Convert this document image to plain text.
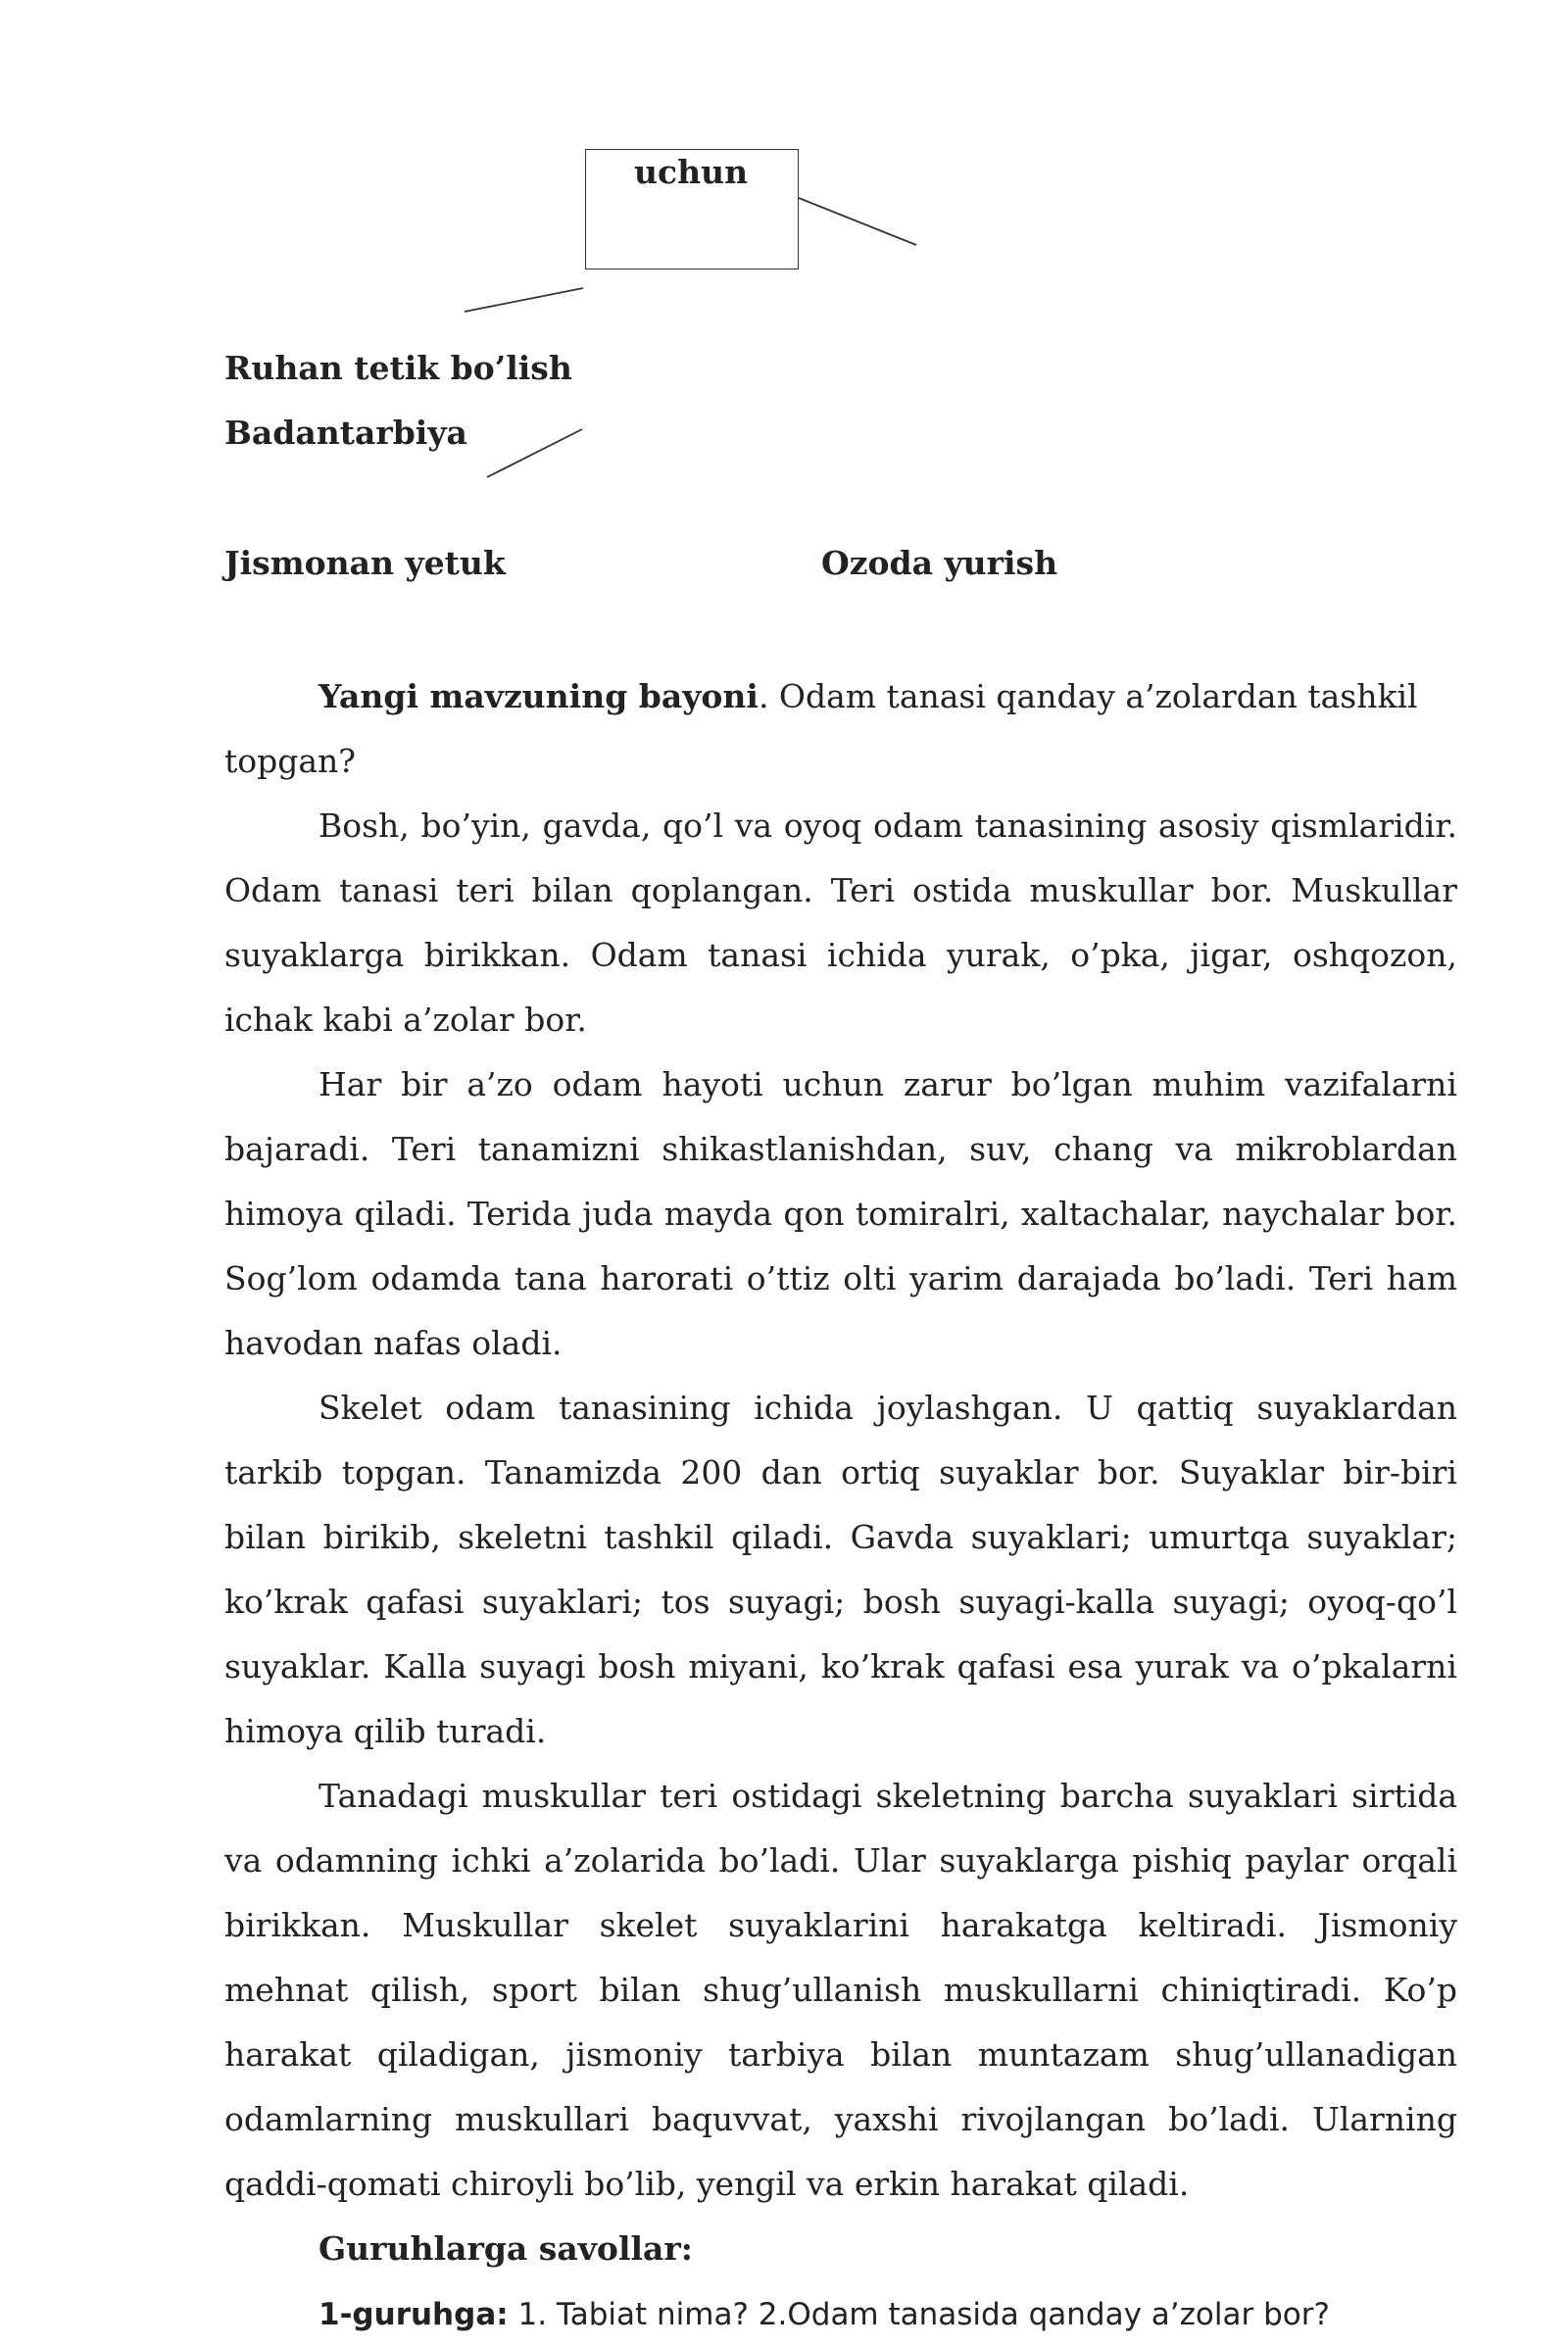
uchun
Ruhan tetik bo’lish
Badantarbiya
Jismonan yetuk	Ozoda yurish

Yangi mavzuning bayoni. Odam tanasi qanday a’zolardan tashkil topgan?

Bosh, bo’yin, gavda, qo’l va oyoq odam tanasining asosiy qismlaridir. Odam tanasi teri bilan qoplangan. Teri ostida muskullar bor. Muskullar suyaklarga birikkan. Odam tanasi ichida yurak, o’pka, jigar, oshqozon, ichak kabi a’zolar bor.

Har bir a’zo odam hayoti uchun zarur bo’lgan muhim vazifalarni bajaradi. Teri tanamizni shikastlanishdan, suv, chang va mikroblardan himoya qiladi. Terida juda mayda qon tomiralri, xaltachalar, naychalar bor. Sog’lom odamda tana harorati o’ttiz olti yarim darajada bo’ladi. Teri ham havodan nafas oladi.

Skelet odam tanasining ichida joylashgan. U qattiq suyaklardan tarkib topgan. Tanamizda 200 dan ortiq suyaklar bor. Suyaklar bir-biri bilan birikib, skeletni tashkil qiladi. Gavda suyaklari; umurtqa suyaklar; ko’krak qafasi suyaklari; tos suyagi; bosh suyagi-kalla suyagi; oyoq-qo’l suyaklar. Kalla suyagi bosh miyani, ko’krak qafasi esa yurak va o’pkalarni himoya qilib turadi.

Tanadagi muskullar teri ostidagi skeletning barcha suyaklari sirtida va odamning ichki a’zolarida bo’ladi. Ular suyaklarga pishiq paylar orqali birikkan. Muskullar skelet suyaklarini harakatga keltiradi. Jismoniy mehnat qilish, sport bilan shug’ullanish muskullarni chiniqtiradi. Ko’p harakat qiladigan, jismoniy tarbiya bilan muntazam shug’ullanadigan odamlarning muskullari baquvvat, yaxshi rivojlangan bo’ladi. Ularning qaddi-qomati chiroyli bo’lib, yengil va erkin harakat qiladi.

Guruhlarga savollar:

1-guruhga: 1. Tabiat nima? 2.Odam tanasida qanday a’zolar bor?
